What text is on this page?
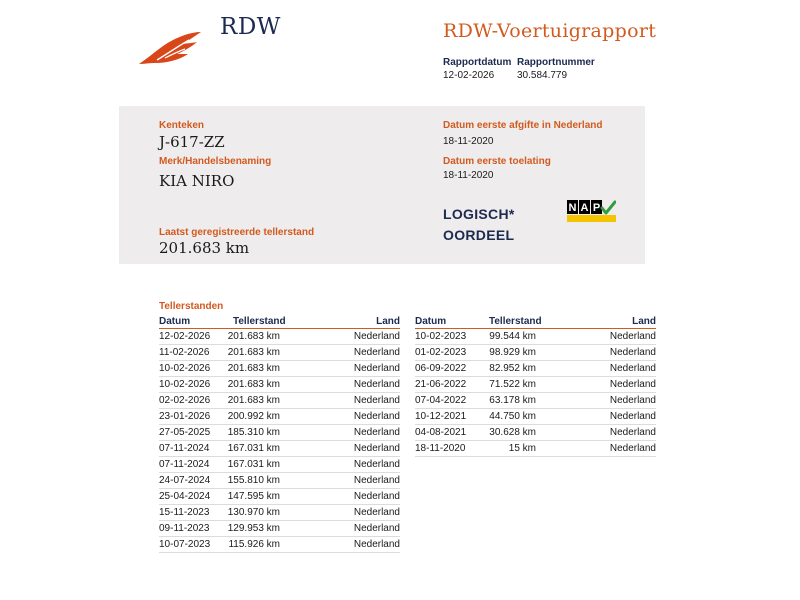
RDW	RDW-Voertuigrapport
Rapportdatum
12-02-2026
Rapportnummer
30.584.779
Kenteken
J-617-ZZ
Merk/Handelsbenaming
KIA NIRO
Laatst geregistreerde tellerstand
201.683 km
Datum eerste afgifte in Nederland
18-11-2020
Datum eerste toelating
18-11-2020
LOGISCH*
OORDEEL
N A P
Tellerstanden
Datum	Tellerstand	Land
12-02-2026 201.683 km	Nederland
11-02-2026 201.683 km	Nederland
10-02-2026 201.683 km	Nederland
10-02-2026 201.683 km	Nederland
02-02-2026 201.683 km	Nederland
23-01-2026 200.992 km	Nederland
27-05-2025 185.310 km	Nederland
07-11-2024 167.031 km	Nederland
07-11-2024 167.031 km	Nederland
24-07-2024 155.810 km	Nederland
25-04-2024 147.595 km	Nederland
15-11-2023 130.970 km	Nederland
09-11-2023 129.953 km	Nederland
10-07-2023 115.926 km	Nederland
Datum	Tellerstand	Land
10-02-2023 99.544 km	Nederland
01-02-2023 98.929 km	Nederland
06-09-2022 82.952 km	Nederland
21-06-2022 71.522 km	Nederland
07-04-2022 63.178 km	Nederland
10-12-2021 44.750 km	Nederland
04-08-2021 30.628 km	Nederland
18-11-2020	15 km	Nederland
